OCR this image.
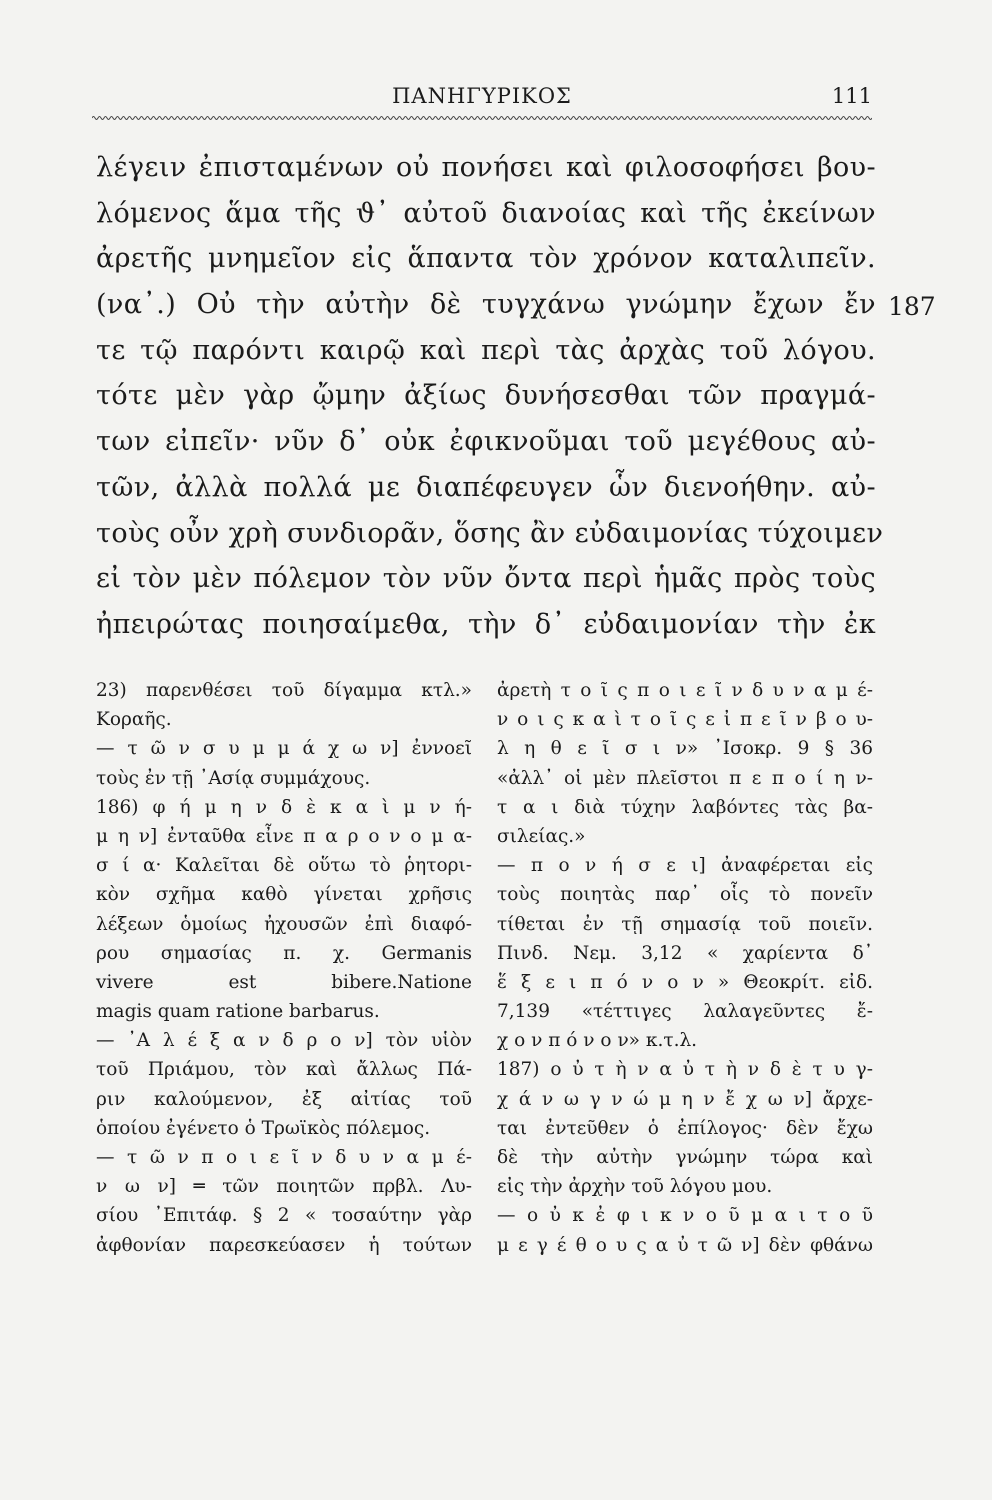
ΠΑΝΗΓΥΡΙΚΟΣ	111
λέγειν ἐπισταμένων οὐ πονήσει καὶ φιλοσοφήσει βου-
λόμενος ἅμα τῆς ϑ᾽ αὐτοῦ διανοίας καὶ τῆς ἐκείνων
ἀρετῆς μνημεῖον εἰς ἅπαντα τὸν χρόνον καταλιπεῖν.
(να᾽.) Οὐ τὴν αὐτὴν δὲ τυγχάνω γνώμην ἔχων ἔν
τε τῷ παρόντι καιρῷ καὶ περὶ τὰς ἀρχὰς τοῦ λόγου.
τότε μὲν γὰρ ᾤμην ἀξίως δυνήσεσθαι τῶν πραγμά-
των εἰπεῖν· νῦν δ᾽ οὐκ ἐφικνοῦμαι τοῦ μεγέθους αὐ-
τῶν, ἀλλὰ πολλά με διαπέφευγεν ὧν διενοήθην. αὐ-
τοὺς οὖν χρὴ συνδιορᾶν, ὅσης ἂν εὐδαιμονίας τύχοιμεν
εἰ τὸν μὲν πόλεμον τὸν νῦν ὄντα περὶ ἡμᾶς πρὸς τοὺς
ἠπειρώτας ποιησαίμεθα, τὴν δ᾽ εὐδαιμονίαν τὴν ἐκ
187
23) παρενθέσει τοῦ δίγαμμα κτλ.»
Κοραῆς.
— τ ῶ ν σ υ μ μ ά χ ω ν] ἐννοεῖ
τοὺς ἐν τῇ ᾽Ασίᾳ συμμάχους.
186) φ ή μ η ν δ ὲ κ α ὶ μ ν ή-
μ η ν] ἐνταῦθα εἶνε π α ρ ο ν ο μ α-
σ ί α· Καλεῖται δὲ οὕτω τὸ ῥητορι-
κὸν σχῆμα καθὸ γίνεται χρῆσις
λέξεων ὁμοίως ἠχουσῶν ἐπὶ διαφό-
ρου σημασίας π. χ. Germanis
vivere est bibere.Natione
magis quam ratione barbarus.
— ᾽Α λ έ ξ α ν δ ρ ο ν] τὸν υἱὸν
τοῦ Πριάμου, τὸν καὶ ἄλλως Πά-
ριν καλούμενον, ἐξ αἰτίας τοῦ
ὁποίου ἐγένετο ὁ Τρωϊκὸς πόλεμος.
— τ ῶ ν π ο ι ε ῖ ν δ υ ν α μ έ-
ν ω ν] ═ τῶν ποιητῶν πρβλ. Λυ-
σίου ᾽Επιτάφ. § 2 « τοσαύτην γὰρ
ἀφθονίαν παρεσκεύασεν ἡ τούτων
ἀρετὴ τ ο ῖ ς π ο ι ε ῖ ν δ υ ν α μ έ-
ν ο ι ς κ α ὶ τ ο ῖ ς ε ἰ π ε ῖ ν β ο υ-
λ η θ ε ῖ σ ι ν» ᾽Ισοκρ. 9 § 36
«ἀλλ᾽ οἱ μὲν πλεῖστοι π ε π ο ί η ν-
τ α ι διὰ τύχην λαβόντες τὰς βα-
σιλείας.»
— π ο ν ή σ ε ι] ἀναφέρεται εἰς
τοὺς ποιητὰς παρ᾽ οἷς τὸ πονεῖν
τίθεται ἐν τῇ σημασίᾳ τοῦ ποιεῖν.
Πινδ. Νεμ. 3,12 « χαρίεντα δ᾽
ἕ ξ ε ι π ό ν ο ν » Θεοκρίτ. εἰδ.
7,139 «τέττιγες λαλαγεῦντες ἔ-
χ ο ν π ό ν ο ν» κ.τ.λ.
187) ο ὐ τ ὴ ν α ὐ τ ὴ ν δ ὲ τ υ γ-
χ ά ν ω γ ν ώ μ η ν ἔ χ ω ν] ἄρχε-
ται ἐντεῦθεν ὁ ἐπίλογος· δὲν ἔχω
δὲ τὴν αὐτὴν γνώμην τώρα καὶ
εἰς τὴν ἀρχὴν τοῦ λόγου μου.
— ο ὐ κ ἐ φ ι κ ν ο ῦ μ α ι τ ο ῦ
μ ε γ έ θ ο υ ς α ὐ τ ῶ ν] δὲν φθάνω
